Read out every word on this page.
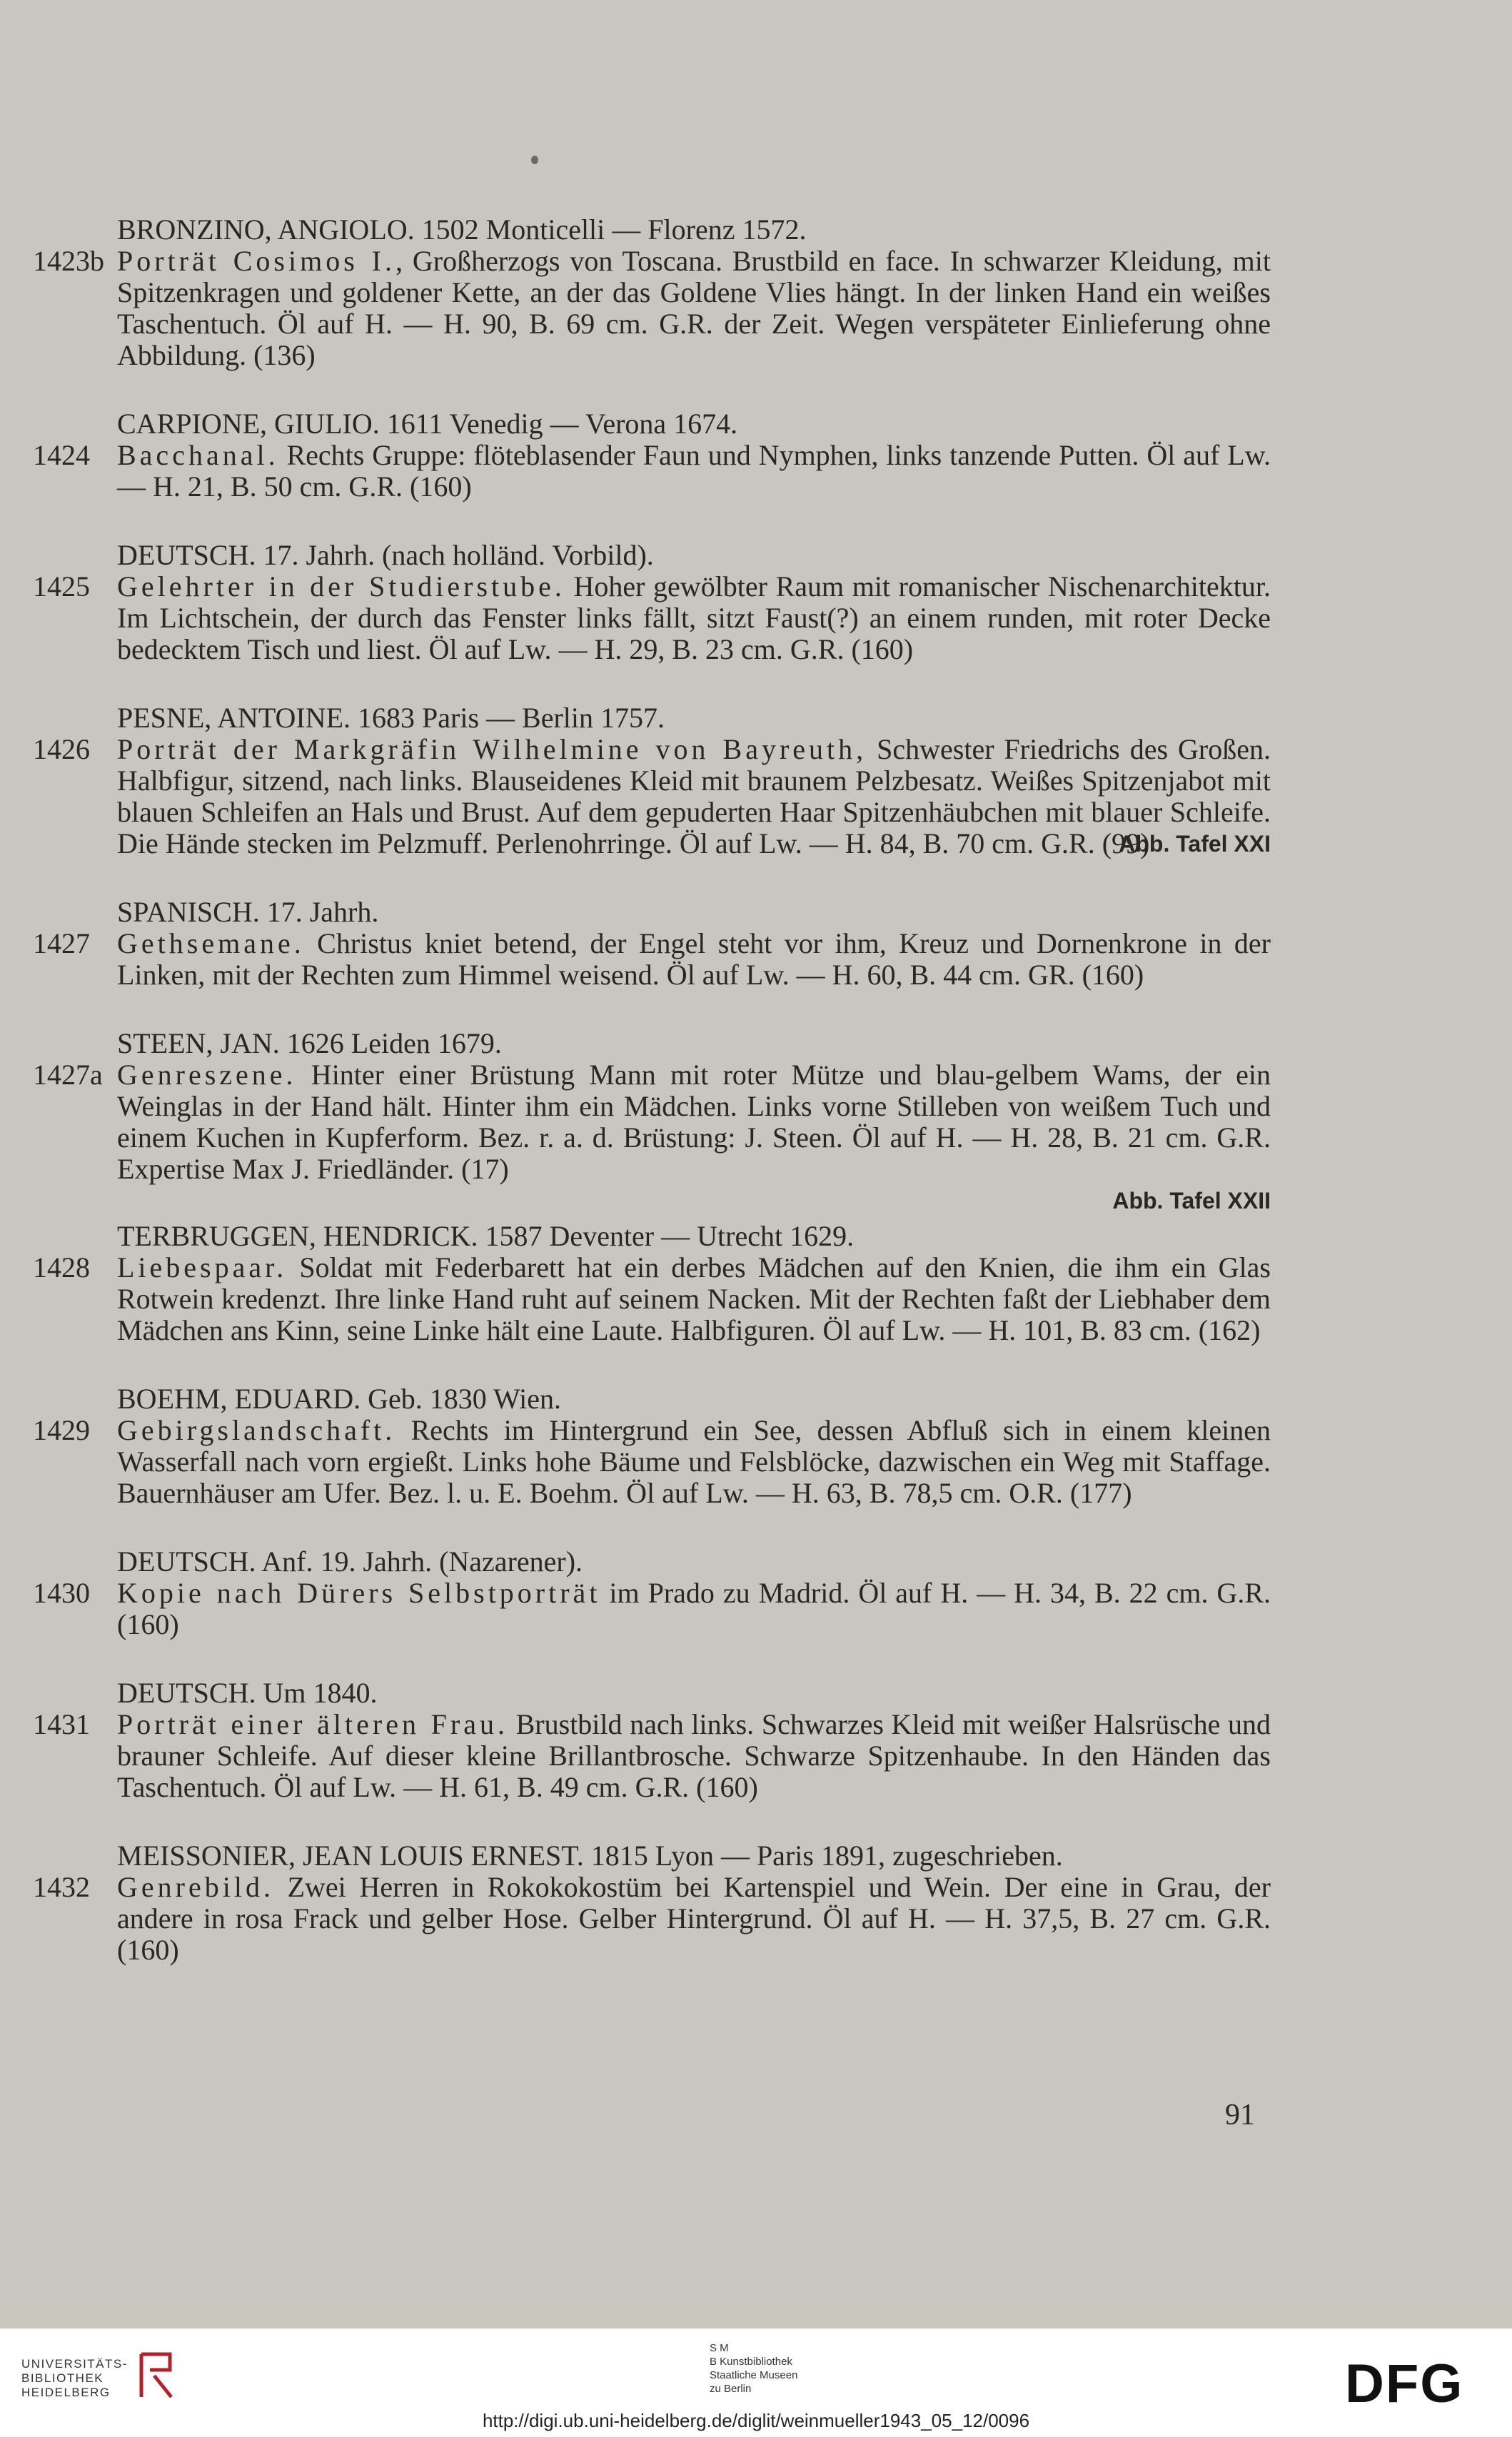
BRONZINO, ANGIOLO. 1502 Monticelli — Florenz 1572.
1423b Porträt Cosimos I., Großherzogs von Toscana. Brustbild en face. In schwarzer Kleidung, mit Spitzenkragen und goldener Kette, an der das Goldene Vlies hängt. In der linken Hand ein weißes Taschentuch. Öl auf H. — H. 90, B. 69 cm. G.R. der Zeit. Wegen verspäteter Einlieferung ohne Abbildung. (136)
CARPIONE, GIULIO. 1611 Venedig — Verona 1674.
1424 Bacchanal. Rechts Gruppe: flöteblasender Faun und Nymphen, links tanzende Putten. Öl auf Lw. — H. 21, B. 50 cm. G.R. (160)
DEUTSCH. 17. Jahrh. (nach holländ. Vorbild).
1425 Gelehrter in der Studierstube. Hoher gewölbter Raum mit romanischer Nischenarchitektur. Im Lichtschein, der durch das Fenster links fällt, sitzt Faust(?) an einem runden, mit roter Decke bedecktem Tisch und liest. Öl auf Lw. — H. 29, B. 23 cm. G.R. (160)
PESNE, ANTOINE. 1683 Paris — Berlin 1757.
1426 Porträt der Markgräfin Wilhelmine von Bayreuth, Schwester Friedrichs des Großen. Halbfigur, sitzend, nach links. Blauseidenes Kleid mit braunem Pelzbesatz. Weißes Spitzenjabot mit blauen Schleifen an Hals und Brust. Auf dem gepuderten Haar Spitzenhäubchen mit blauer Schleife. Die Hände stecken im Pelzmuff. Perlenohrringe. Öl auf Lw. — H. 84, B. 70 cm. G.R. (99)
Abb. Tafel XXI
SPANISCH. 17. Jahrh.
1427 Gethsemane. Christus kniet betend, der Engel steht vor ihm, Kreuz und Dornenkrone in der Linken, mit der Rechten zum Himmel weisend. Öl auf Lw. — H. 60, B. 44 cm. GR. (160)
STEEN, JAN. 1626 Leiden 1679.
1427a Genreszene. Hinter einer Brüstung Mann mit roter Mütze und blau-gelbem Wams, der ein Weinglas in der Hand hält. Hinter ihm ein Mädchen. Links vorne Stilleben von weißem Tuch und einem Kuchen in Kupferform. Bez. r. a. d. Brüstung: J. Steen. Öl auf H. — H. 28, B. 21 cm. G.R. Expertise Max J. Friedländer. (17)
Abb. Tafel XXII
TERBRUGGEN, HENDRICK. 1587 Deventer — Utrecht 1629.
1428 Liebespaar. Soldat mit Federbarett hat ein derbes Mädchen auf den Knien, die ihm ein Glas Rotwein kredenzt. Ihre linke Hand ruht auf seinem Nacken. Mit der Rechten faßt der Liebhaber dem Mädchen ans Kinn, seine Linke hält eine Laute. Halbfiguren. Öl auf Lw. — H. 101, B. 83 cm. (162)
BOEHM, EDUARD. Geb. 1830 Wien.
1429 Gebirgslandschaft. Rechts im Hintergrund ein See, dessen Abfluß sich in einem kleinen Wasserfall nach vorn ergießt. Links hohe Bäume und Felsblöcke, dazwischen ein Weg mit Staffage. Bauernhäuser am Ufer. Bez. l. u. E. Boehm. Öl auf Lw. — H. 63, B. 78,5 cm. O.R. (177)
DEUTSCH. Anf. 19. Jahrh. (Nazarener).
1430 Kopie nach Dürers Selbstporträt im Prado zu Madrid. Öl auf H. — H. 34, B. 22 cm. G.R. (160)
DEUTSCH. Um 1840.
1431 Porträt einer älteren Frau. Brustbild nach links. Schwarzes Kleid mit weißer Halsrüsche und brauner Schleife. Auf dieser kleine Brillantbrosche. Schwarze Spitzenhaube. In den Händen das Taschentuch. Öl auf Lw. — H. 61, B. 49 cm. G.R. (160)
MEISSONIER, JEAN LOUIS ERNEST. 1815 Lyon — Paris 1891, zugeschrieben.
1432 Genrebild. Zwei Herren in Rokokokostüm bei Kartenspiel und Wein. Der eine in Grau, der andere in rosa Frack und gelber Hose. Gelber Hintergrund. Öl auf H. — H. 37,5, B. 27 cm. G.R. (160)
91
UNIVERSITÄTS-
BIBLIOTHEK
HEIDELBERG
S M
B Kunstbibliothek
Staatliche Museen
zu Berlin	DFG
http://digi.ub.uni-heidelberg.de/diglit/weinmueller1943_05_12/0096
